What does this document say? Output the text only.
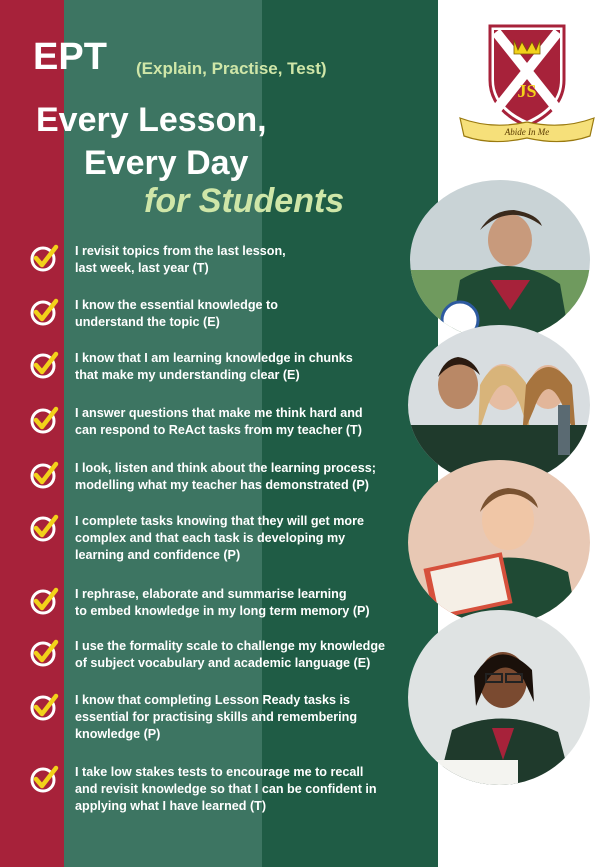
EPT (Explain, Practise, Test)
Every Lesson,
Every Day
for Students
JS
Abide In Me
I revisit topics from the last lesson,
last week, last year (T)
I know the essential knowledge to
understand the topic (E)
I know that I am learning knowledge in chunks
that make my understanding clear (E)
I answer questions that make me think hard and
can respond to ReAct tasks from my teacher (T)
I look, listen and think about the learning process;
modelling what my teacher has demonstrated (P)
I complete tasks knowing that they will get more
complex and that each task is developing my
learning and confidence (P)
I rephrase, elaborate and summarise learning
to embed knowledge in my long term memory (P)
I use the formality scale to challenge my knowledge
of subject vocabulary and academic language (E)
I know that completing Lesson Ready tasks is
essential for practising skills and remembering
knowledge (P)
I take low stakes tests to encourage me to recall
and revisit knowledge so that I can be confident in
applying what I have learned (T)
